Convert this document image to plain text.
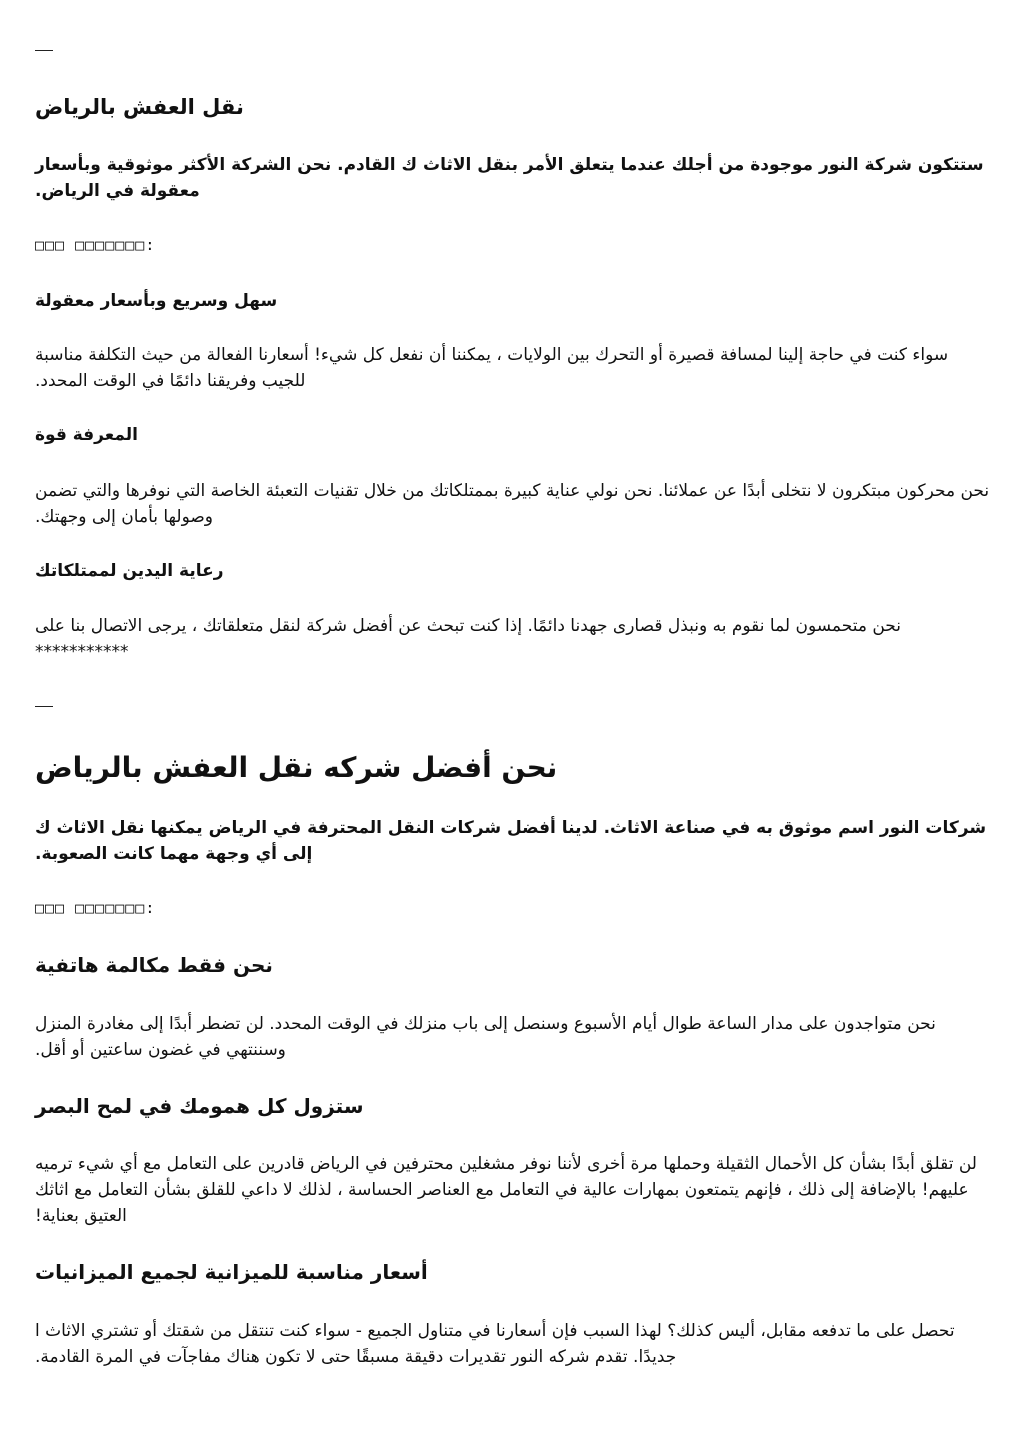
نقل العفش بالرياض

ستتكون شركة النور موجودة من أجلك عندما يتعلق الأمر بنقل الاثاث ك القادم. نحن الشركة الأكثر موثوقية وبأسعار معقولة في الرياض.

□□□ □□□□□□□:

سهل وسريع وبأسعار معقولة

سواء كنت في حاجة إلينا لمسافة قصيرة أو التحرك بين الولايات ، يمكننا أن نفعل كل شيء! أسعارنا الفعالة من حيث التكلفة مناسبة للجيب وفريقنا دائمًا في الوقت المحدد.

المعرفة قوة

نحن محركون مبتكرون لا نتخلى أبدًا عن عملائنا. نحن نولي عناية كبيرة بممتلكاتك من خلال تقنيات التعبئة الخاصة التي نوفرها والتي تضمن وصولها بأمان إلى وجهتك.

رعاية اليدين لممتلكاتك

نحن متحمسون لما نقوم به ونبذل قصارى جهدنا دائمًا. إذا كنت تبحث عن أفضل شركة لنقل متعلقاتك ، يرجى الاتصال بنا على ***********

نحن أفضل شركه نقل العفش بالرياض

شركات النور اسم موثوق به في صناعة الاثاث. لدينا أفضل شركات النقل المحترفة في الرياض يمكنها نقل الاثاث ك إلى أي وجهة مهما كانت الصعوبة.

□□□ □□□□□□□:

نحن فقط مكالمة هاتفية

نحن متواجدون على مدار الساعة طوال أيام الأسبوع وسنصل إلى باب منزلك في الوقت المحدد. لن تضطر أبدًا إلى مغادرة المنزل وسننتهي في غضون ساعتين أو أقل.

ستزول كل همومك في لمح البصر

لن تقلق أبدًا بشأن كل الأحمال الثقيلة وحملها مرة أخرى لأننا نوفر مشغلين محترفين في الرياض قادرين على التعامل مع أي شيء ترميه عليهم! بالإضافة إلى ذلك ، فإنهم يتمتعون بمهارات عالية في التعامل مع العناصر الحساسة ، لذلك لا داعي للقلق بشأن التعامل مع اثاثك العتيق بعناية!

أسعار مناسبة للميزانية لجميع الميزانيات

تحصل على ما تدفعه مقابل، أليس كذلك؟ لهذا السبب فإن أسعارنا في متناول الجميع - سواء كنت تنتقل من شقتك أو تشتري الاثاث ا جديدًا. تقدم شركه النور تقديرات دقيقة مسبقًا حتى لا تكون هناك مفاجآت في المرة القادمة.
